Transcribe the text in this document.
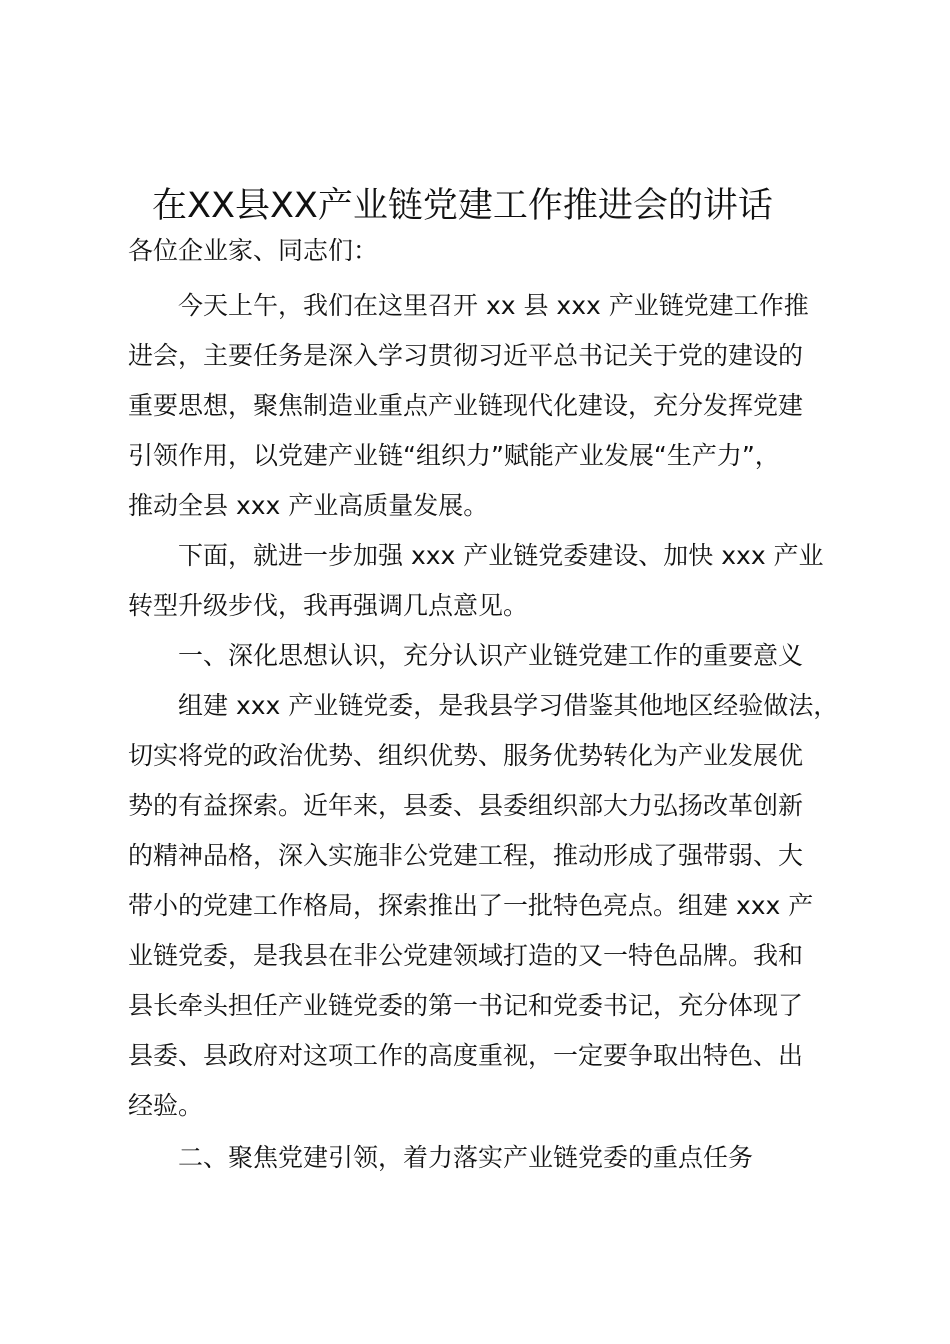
在XX县XX产业链党建工作推进会的讲话
各位企业家、同志们：
今天上午，我们在这里召开 xx 县 xxx 产业链党建工作推
进会，主要任务是深入学习贯彻习近平总书记关于党的建设的
重要思想，聚焦制造业重点产业链现代化建设，充分发挥党建
引领作用，以党建产业链“组织力”赋能产业发展“生产力”，
推动全县 xxx 产业高质量发展。
下面，就进一步加强 xxx 产业链党委建设、加快 xxx 产业
转型升级步伐，我再强调几点意见。
一、深化思想认识，充分认识产业链党建工作的重要意义
组建 xxx 产业链党委，是我县学习借鉴其他地区经验做法，
切实将党的政治优势、组织优势、服务优势转化为产业发展优
势的有益探索。近年来，县委、县委组织部大力弘扬改革创新
的精神品格，深入实施非公党建工程，推动形成了强带弱、大
带小的党建工作格局，探索推出了一批特色亮点。组建 xxx 产
业链党委，是我县在非公党建领域打造的又一特色品牌。我和
县长牵头担任产业链党委的第一书记和党委书记，充分体现了
县委、县政府对这项工作的高度重视，一定要争取出特色、出
经验。
二、聚焦党建引领，着力落实产业链党委的重点任务
